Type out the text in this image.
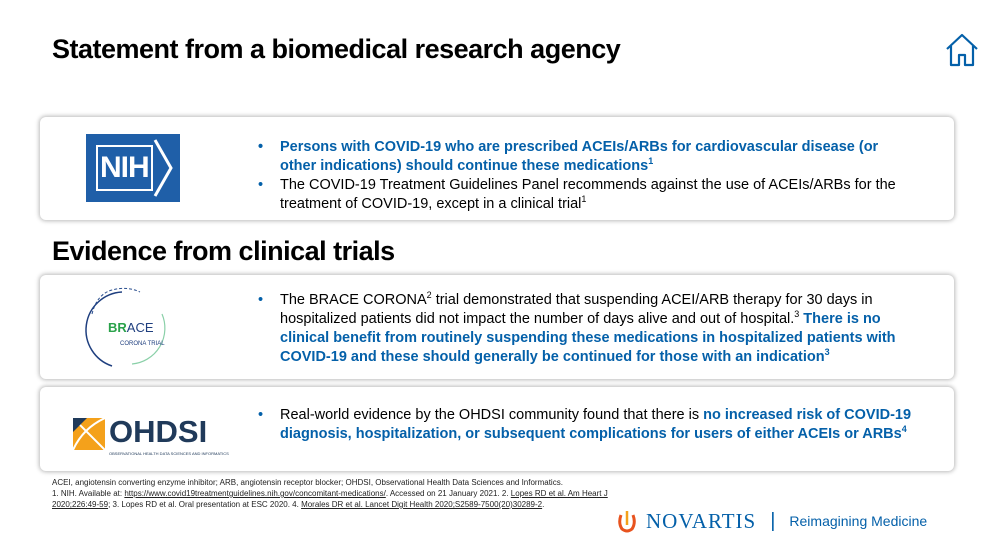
Statement from a biomedical research agency
NIH
• Persons with COVID-19 who are prescribed ACEIs/ARBs for cardiovascular disease (or other indications) should continue these medications$^1$
• The COVID-19 Treatment Guidelines Panel recommends against the use of ACEIs/ARBs for the treatment of COVID-19, except in a clinical trial$^1$
Evidence from clinical trials
BRACE
CORONA TRIAL
• The BRACE CORONA$^2$ trial demonstrated that suspending ACEI/ARB therapy for 30 days in hospitalized patients did not impact the number of days alive and out of hospital.$^3$ There is no clinical benefit from routinely suspending these medications in hospitalized patients with COVID-19 and these should generally be continued for those with an indication$^3$
OHDSI
OBSERVATIONAL HEALTH DATA SCIENCES AND INFORMATICS
• Real-world evidence by the OHDSI community found that there is no increased risk of COVID-19 diagnosis, hospitalization, or subsequent complications for users of either ACEIs or ARBs$^4$
ACEI, angiotensin converting enzyme inhibitor; ARB, angiotensin receptor blocker; OHDSI, Observational Health Data Sciences and Informatics.
1. NIH. Available at: https://www.covid19treatmentguidelines.nih.gov/concomitant-medications/. Accessed on 21 January 2021. 2. Lopes RD et al. Am Heart J 2020;226:49-59; 3. Lopes RD et al. Oral presentation at ESC 2020. 4. Morales DR et al. Lancet Digit Health 2020;S2589-7500(20)30289-2.
NOVARTIS | Reimagining Medicine
